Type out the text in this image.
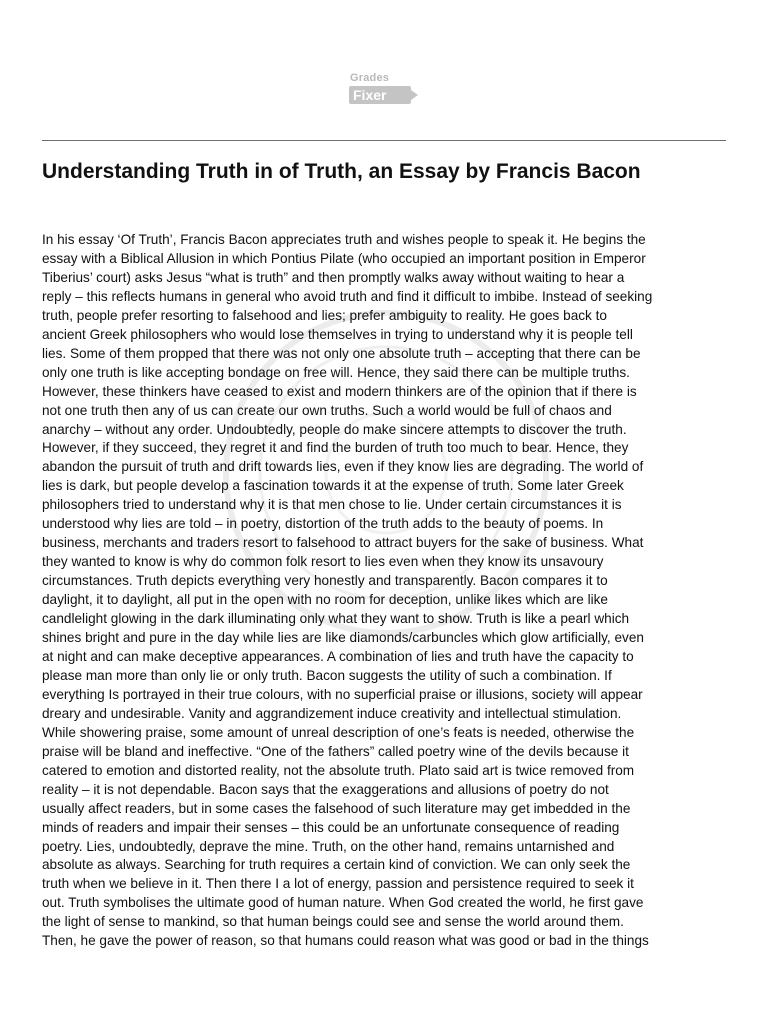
Grades
Fixer
Understanding Truth in of Truth, an Essay by Francis Bacon
In his essay ‘Of Truth’, Francis Bacon appreciates truth and wishes people to speak it. He begins the
essay with a Biblical Allusion in which Pontius Pilate (who occupied an important position in Emperor
Tiberius’ court) asks Jesus “what is truth” and then promptly walks away without waiting to hear a
reply – this reflects humans in general who avoid truth and find it difficult to imbibe. Instead of seeking
truth, people prefer resorting to falsehood and lies; prefer ambiguity to reality. He goes back to
ancient Greek philosophers who would lose themselves in trying to understand why it is people tell
lies. Some of them propped that there was not only one absolute truth – accepting that there can be
only one truth is like accepting bondage on free will. Hence, they said there can be multiple truths.
However, these thinkers have ceased to exist and modern thinkers are of the opinion that if there is
not one truth then any of us can create our own truths. Such a world would be full of chaos and
anarchy – without any order. Undoubtedly, people do make sincere attempts to discover the truth.
However, if they succeed, they regret it and find the burden of truth too much to bear. Hence, they
abandon the pursuit of truth and drift towards lies, even if they know lies are degrading. The world of
lies is dark, but people develop a fascination towards it at the expense of truth. Some later Greek
philosophers tried to understand why it is that men chose to lie. Under certain circumstances it is
understood why lies are told – in poetry, distortion of the truth adds to the beauty of poems. In
business, merchants and traders resort to falsehood to attract buyers for the sake of business. What
they wanted to know is why do common folk resort to lies even when they know its unsavoury
circumstances. Truth depicts everything very honestly and transparently. Bacon compares it to
daylight, it to daylight, all put in the open with no room for deception, unlike likes which are like
candlelight glowing in the dark illuminating only what they want to show. Truth is like a pearl which
shines bright and pure in the day while lies are like diamonds/carbuncles which glow artificially, even
at night and can make deceptive appearances. A combination of lies and truth have the capacity to
please man more than only lie or only truth. Bacon suggests the utility of such a combination. If
everything Is portrayed in their true colours, with no superficial praise or illusions, society will appear
dreary and undesirable. Vanity and aggrandizement induce creativity and intellectual stimulation.
While showering praise, some amount of unreal description of one’s feats is needed, otherwise the
praise will be bland and ineffective. “One of the fathers” called poetry wine of the devils because it
catered to emotion and distorted reality, not the absolute truth. Plato said art is twice removed from
reality – it is not dependable. Bacon says that the exaggerations and allusions of poetry do not
usually affect readers, but in some cases the falsehood of such literature may get imbedded in the
minds of readers and impair their senses – this could be an unfortunate consequence of reading
poetry. Lies, undoubtedly, deprave the mine. Truth, on the other hand, remains untarnished and
absolute as always. Searching for truth requires a certain kind of conviction. We can only seek the
truth when we believe in it. Then there I a lot of energy, passion and persistence required to seek it
out. Truth symbolises the ultimate good of human nature. When God created the world, he first gave
the light of sense to mankind, so that human beings could see and sense the world around them.
Then, he gave the power of reason, so that humans could reason what was good or bad in the things
